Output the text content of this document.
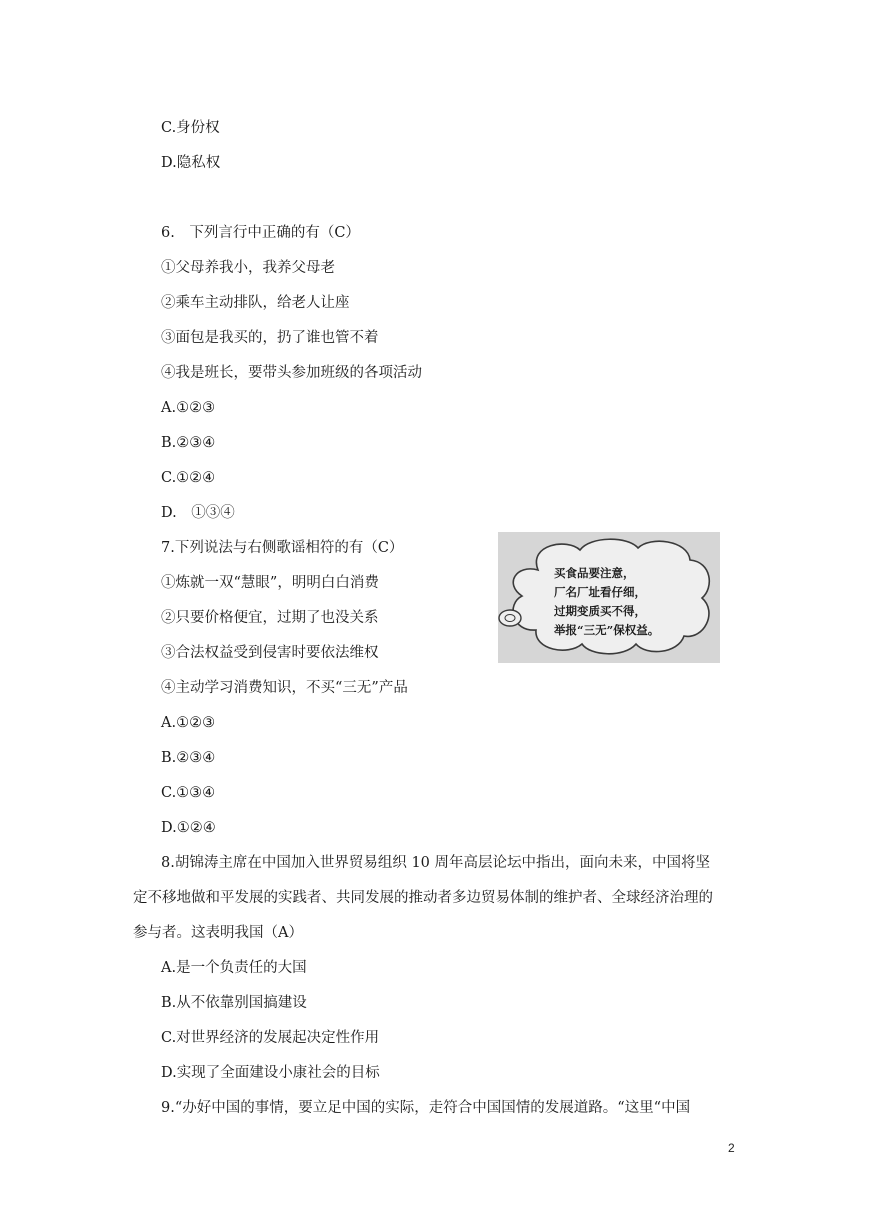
C.身份权
D.隐私权
6.　下列言行中正确的有（C）
①父母养我小，我养父母老
②乘车主动排队，给老人让座
③面包是我买的，扔了谁也管不着
④我是班长，要带头参加班级的各项活动
A.①②③
B.②③④
C.①②④
D.　①③④
7.下列说法与右侧歌谣相符的有（C）
①炼就一双“慧眼”，明明白白消费
②只要价格便宜，过期了也没关系
③合法权益受到侵害时要依法维权
④主动学习消费知识，不买“三无”产品
A.①②③
B.②③④
C.①③④
D.①②④
买食品要注意，
厂名厂址看仔细，
过期变质买不得，
举报“三无”保权益。
8.胡锦涛主席在中国加入世界贸易组织 10 周年高层论坛中指出，面向未来，中国将坚
定不移地做和平发展的实践者、共同发展的推动者多边贸易体制的维护者、全球经济治理的
参与者。这表明我国（A）
A.是一个负责任的大国
B.从不依靠别国搞建设
C.对世界经济的发展起决定性作用
D.实现了全面建设小康社会的目标
9.“办好中国的事情，要立足中国的实际，走符合中国国情的发展道路。“这里“中国
2
